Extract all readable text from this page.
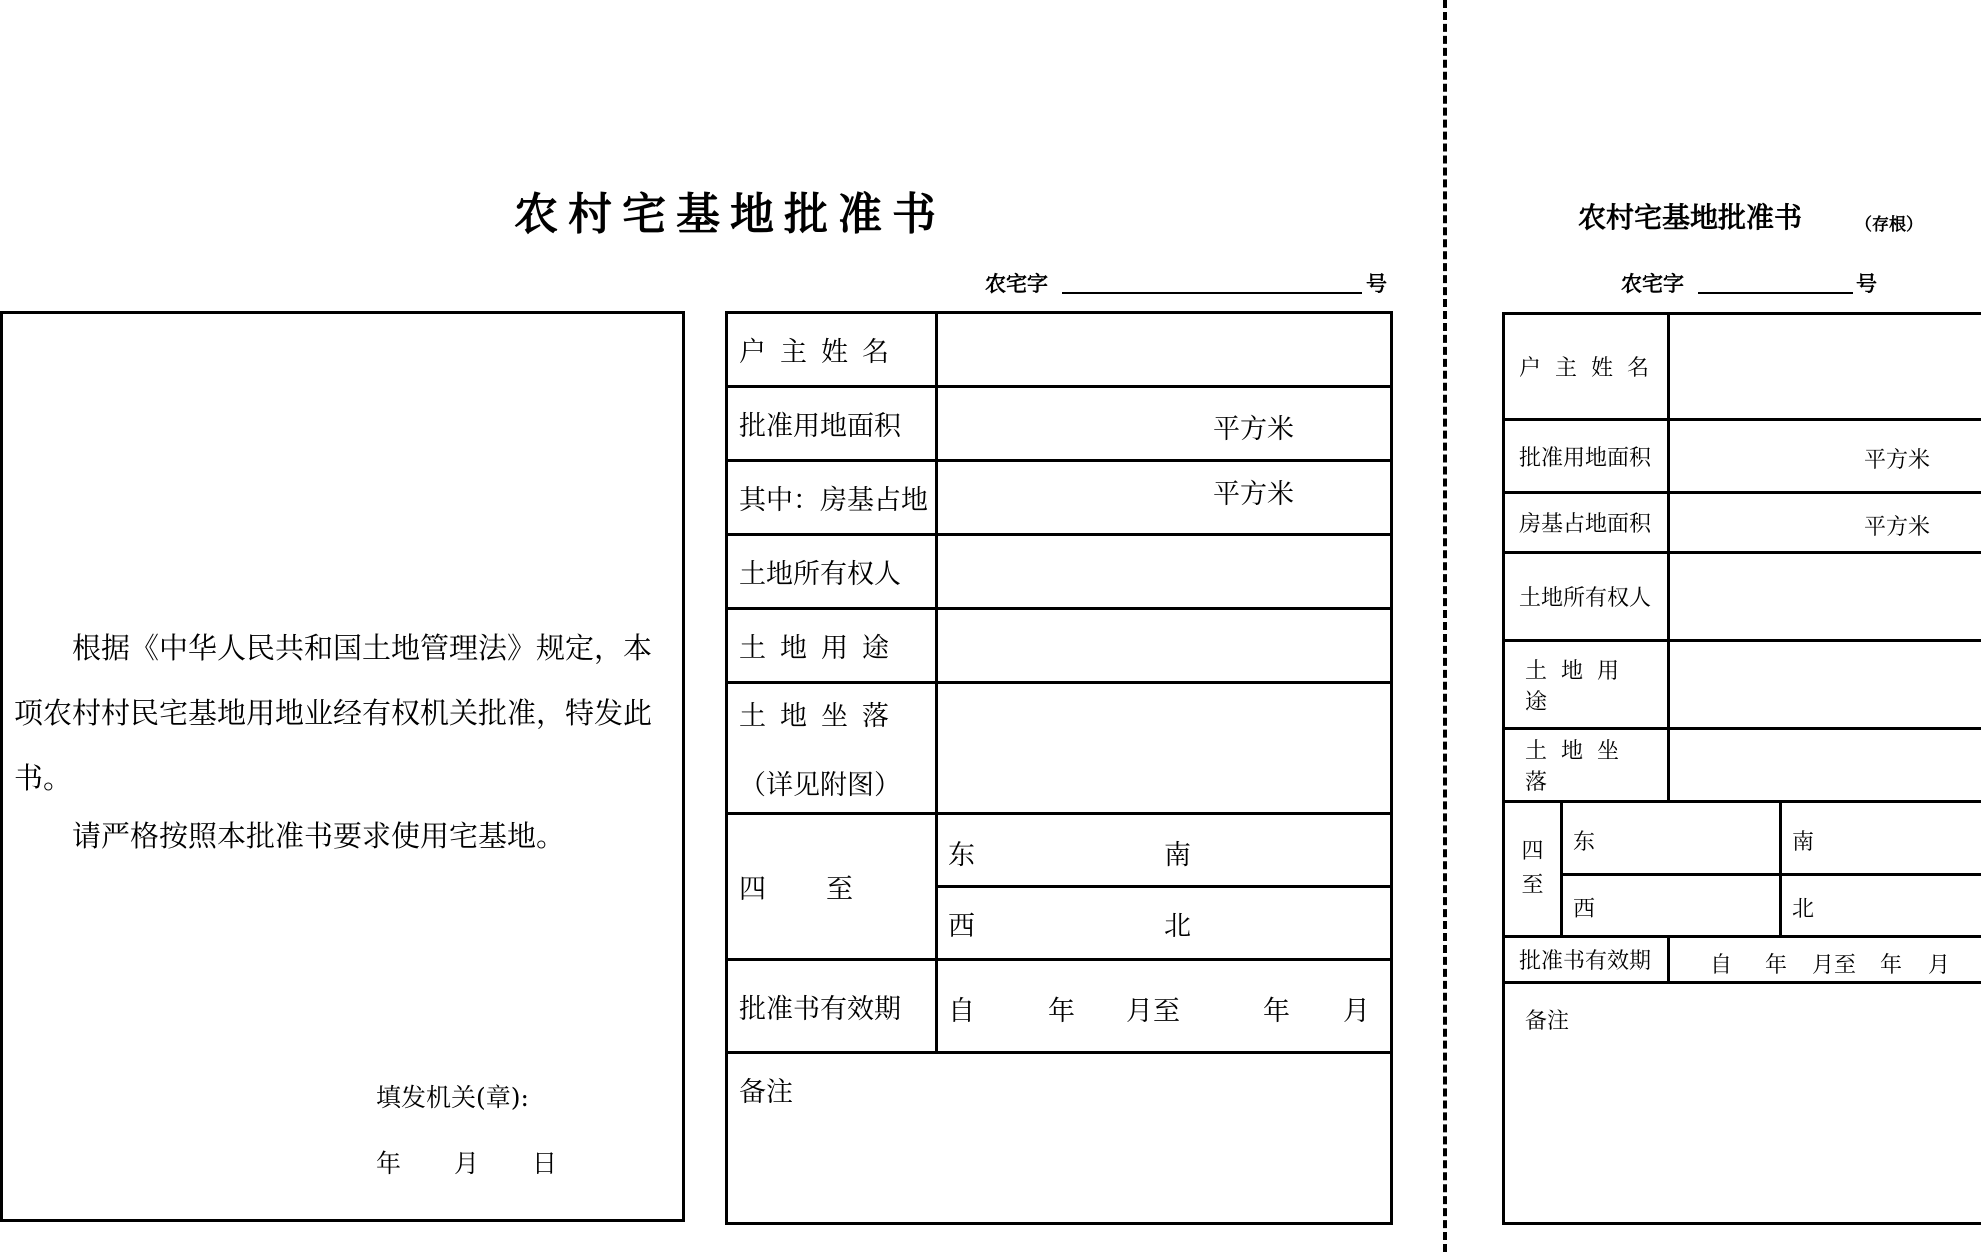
农村宅基地批准书
农宅字	号
根据《中华人民共和国土地管理法》规定，本项农村村民宅基地用地业经有权机关批准，特发此书。
请严格按照本批准书要求使用宅基地。
填发机关(章):
年 月 日
户主姓名	
批准用地面积	平方米

其中：房基占地	平方米

土地所有权人	
土地用途	

土地坐落
（详见附图）	

四至	东 南
西 北

批准书有效期	自 年 月至 年 月

备注	
农村宅基地批准书	（存根）
农宅字	号
户主姓名			
批准用地面积		平方米	

房基占地面积		平方米	

土地所有权人			
土地用途			
土地坐落			

四
至	东		南

	西		北

批准书有效期		自 年 月至 年 月	

备注			
